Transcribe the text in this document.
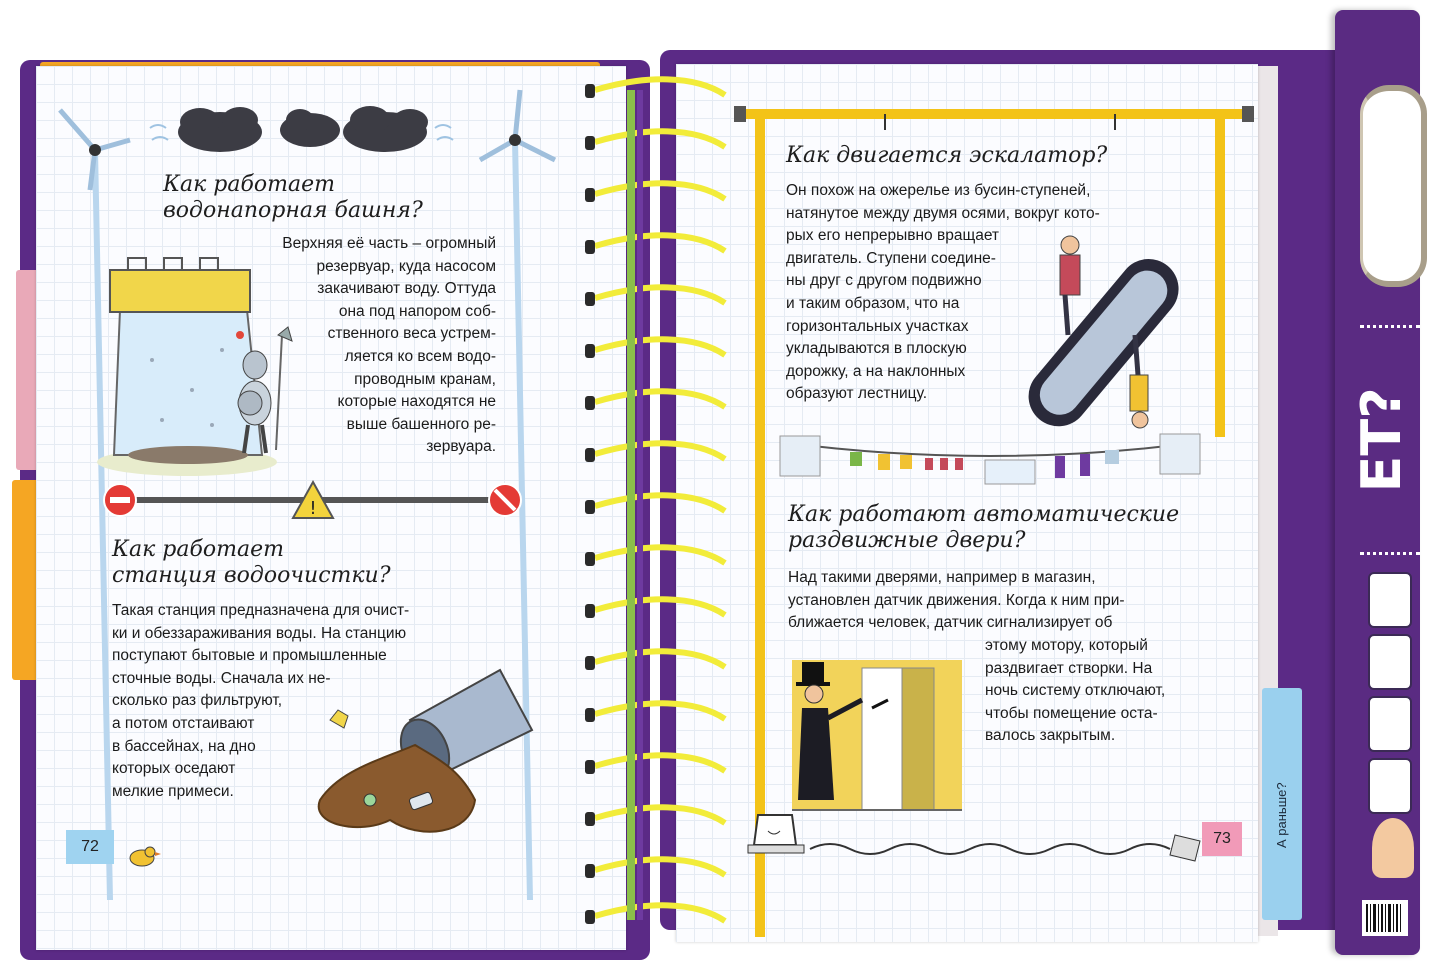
А раньше?
ЕТ?
Как работает
водонапорная башня?
Верхняя её часть – огромный
резервуар, куда насосом
закачивают воду. Оттуда
она под напором соб-
ственного веса устрем-
ляется ко всем водо-
проводным кранам,
которые находятся не
выше башенного ре-
зервуара.
!
Как работает
станция водоочистки?
Такая станция предназначена для очист-
ки и обеззараживания воды. На станцию
поступают бытовые и промышленные
сточные воды. Сначала их не-
сколько раз фильтруют,
а потом отстаивают
в бассейнах, на дно
которых оседают
мелкие примеси.
72
Как двигается эскалатор?
Он похож на ожерелье из бусин-ступеней,
натянутое между двумя осями, вокруг кото-
рых его непрерывно вращает
двигатель. Ступени соедине-
ны друг с другом подвижно
и таким образом, что на
горизонтальных участках
укладываются в плоскую
дорожку, а на наклонных
образуют лестницу.
Как работают автоматические
раздвижные двери?
Над такими дверями, например в магазин,
установлен датчик движения. Когда к ним при-
ближается человек, датчик сигнализирует об
этому мотору, который
раздвигает створки. На
ночь систему отключают,
чтобы помещение оста-
валось закрытым.
73
